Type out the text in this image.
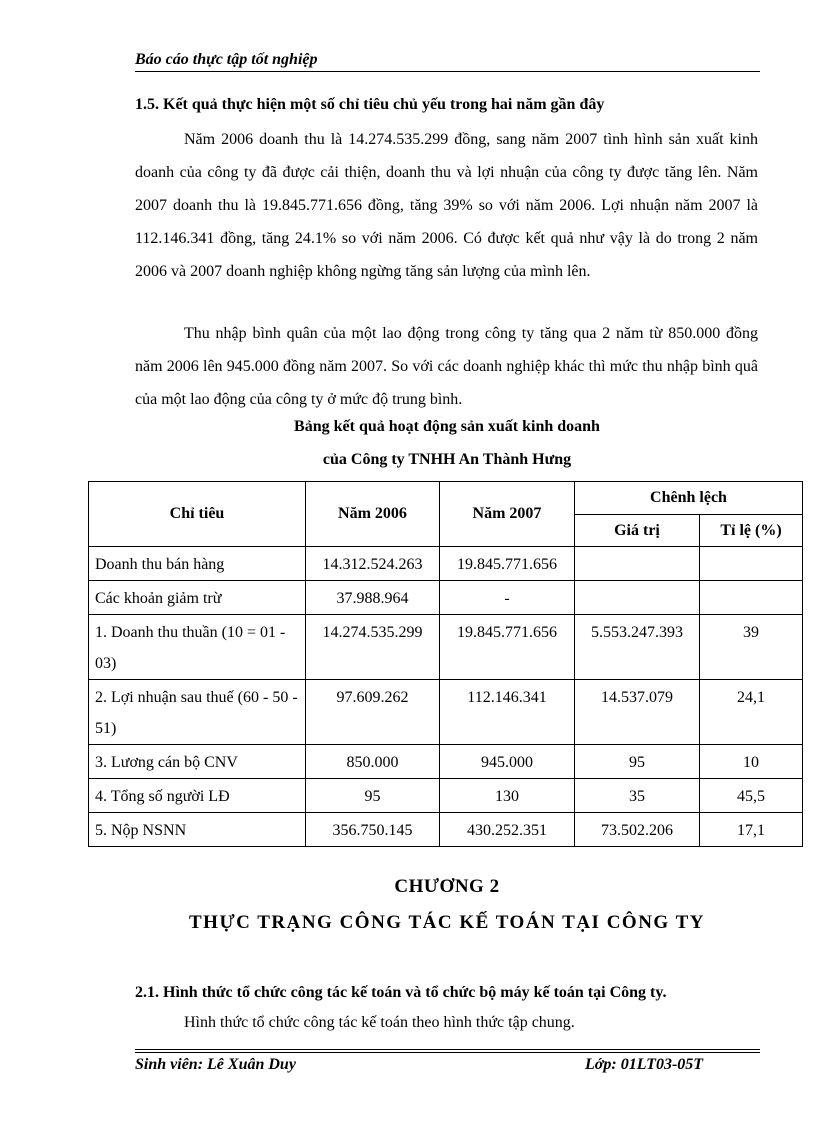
Báo cáo thực tập tốt nghiệp
1.5. Kết quả thực hiện một số chỉ tiêu chủ yếu trong hai năm gần đây
Năm 2006 doanh thu là 14.274.535.299 đồng, sang năm 2007 tình hình sản xuất kinh doanh của công ty đã được cải thiện, doanh thu và lợi nhuận của công ty được tăng lên. Năm 2007 doanh thu là 19.845.771.656 đồng, tăng 39% so với năm 2006. Lợi nhuận năm 2007 là 112.146.341 đồng, tăng 24.1% so với năm 2006. Có được kết quả như vậy là do trong 2 năm 2006 và 2007 doanh nghiệp không ngừng tăng sản lượng của mình lên.
Thu nhập bình quân của một lao động trong công ty tăng qua 2 năm từ 850.000 đồng năm 2006 lên 945.000 đồng năm 2007. So với các doanh nghiệp khác thì mức thu nhập bình quâ của một lao động của công ty ở mức độ trung bình.
Bảng kết quả hoạt động sản xuất kinh doanh
của Công ty TNHH An Thành Hưng
Chỉ tiêu	Năm 2006	Năm 2007	Chênh lệch	
			Giá trị	Tỉ lệ (%)
Doanh thu bán hàng	14.312.524.263	19.845.771.656		
Các khoản giảm trừ	37.988.964	-		
1. Doanh thu thuần (10 = 01 - 03)	14.274.535.299	19.845.771.656	5.553.247.393	39
2. Lợi nhuận sau thuế (60 - 50 - 51)	97.609.262	112.146.341	14.537.079	24,1
3. Lương cán bộ CNV	850.000	945.000	95	10
4. Tổng số người LĐ	95	130	35	45,5
5. Nộp NSNN	356.750.145	430.252.351	73.502.206	17,1
CHƯƠNG 2
THỰC TRẠNG CÔNG TÁC KẾ TOÁN TẠI CÔNG TY
2.1. Hình thức tổ chức công tác kế toán và tổ chức bộ máy kế toán tại Công ty.
Hình thức tổ chức công tác kế toán theo hình thức tập chung.
Sinh viên: Lê Xuân Duy	Lớp: 01LT03-05T
